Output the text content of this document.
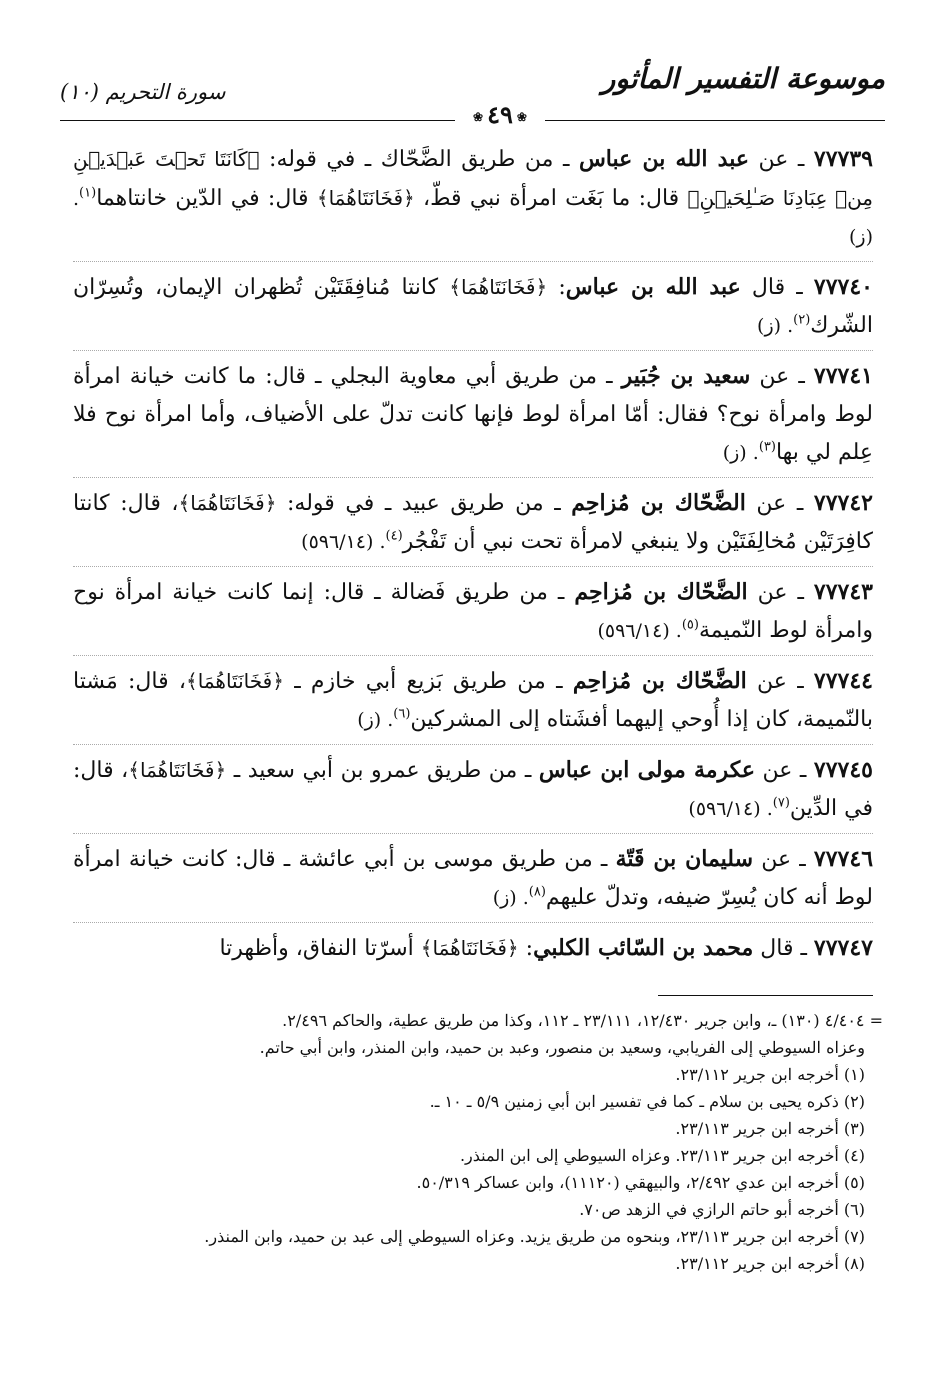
موسوعة التفسير المأثور
سورة التحريم (١٠)
❀٤٩❀

٧٧٧٣٩ ـ عن عبد الله بن عباس ـ من طريق الضَّحّاك ـ في قوله: ﴿كَانَتَا تَحۡتَ عَبۡدَيۡنِ مِنۡ عِبَادِنَا صَـٰلِحَيۡنِ﴾ قال: ما بَغَت امرأة نبي قطّ، ﴿فَخَانَتَاهُمَا﴾ قال: في الدّين خانتاهما$^{(١)}$. (ز)

٧٧٧٤٠ ـ قال عبد الله بن عباس: ﴿فَخَانَتَاهُمَا﴾ كانتا مُنافِقَتَيْن تُظهران الإيمان، وتُسِرّان الشّرك$^{(٢)}$. (ز)

٧٧٧٤١ ـ عن سعيد بن جُبَير ـ من طريق أبي معاوية البجلي ـ قال: ما كانت خيانة امرأة لوط وامرأة نوح؟ فقال: أمّا امرأة لوط فإنها كانت تدلّ على الأضياف، وأما امرأة نوح فلا عِلم لي بها$^{(٣)}$. (ز)

٧٧٧٤٢ ـ عن الضَّحّاك بن مُزاحِم ـ من طريق عبيد ـ في قوله: ﴿فَخَانَتَاهُمَا﴾، قال: كانتا كافِرَتَيْن مُخالِفَتَيْن ولا ينبغي لامرأة تحت نبي أن تَفْجُر$^{(٤)}$. (٥٩٦/١٤)

٧٧٧٤٣ ـ عن الضَّحّاك بن مُزاحِم ـ من طريق فَضالة ـ قال: إنما كانت خيانة امرأة نوح وامرأة لوط النّميمة$^{(٥)}$. (٥٩٦/١٤)

٧٧٧٤٤ ـ عن الضَّحّاك بن مُزاحِم ـ من طريق بَزيع أبي خازم ـ ﴿فَخَانَتَاهُمَا﴾، قال: مَشتا بالنّميمة، كان إذا أُوحي إليهما أفشَتاه إلى المشركين$^{(٦)}$. (ز)

٧٧٧٤٥ ـ عن عكرمة مولى ابن عباس ـ من طريق عمرو بن أبي سعيد ـ ﴿فَخَانَتَاهُمَا﴾، قال: في الدِّين$^{(٧)}$. (٥٩٦/١٤)

٧٧٧٤٦ ـ عن سليمان بن قَتّة ـ من طريق موسى بن أبي عائشة ـ قال: كانت خيانة امرأة لوط أنه كان يُسِرّ ضيفه، وتدلّ عليهم$^{(٨)}$. (ز)

٧٧٧٤٧ ـ قال محمد بن السّائب الكلبي: ﴿فَخَانَتَاهُمَا﴾ أسرّتا النفاق، وأظهرتا

= ٤/٤٠٤ (١٣٠) ـ، وابن جرير ١٢/٤٣٠، ٢٣/١١١ ـ ١١٢، وكذا من طريق عطية، والحاكم ٢/٤٩٦.
وعزاه السيوطي إلى الفريابي، وسعيد بن منصور، وعبد بن حميد، وابن المنذر، وابن أبي حاتم.
(١) أخرجه ابن جرير ٢٣/١١٢.
(٢) ذكره يحيى بن سلام ـ كما في تفسير ابن أبي زمنين ٥/٩ ـ ١٠ ـ.
(٣) أخرجه ابن جرير ٢٣/١١٣.
(٤) أخرجه ابن جرير ٢٣/١١٣. وعزاه السيوطي إلى ابن المنذر.
(٥) أخرجه ابن عدي ٢/٤٩٢، والبيهقي (١١١٢٠)، وابن عساكر ٥٠/٣١٩.
(٦) أخرجه أبو حاتم الرازي في الزهد ص٧٠.
(٧) أخرجه ابن جرير ٢٣/١١٣، وبنحوه من طريق يزيد. وعزاه السيوطي إلى عبد بن حميد، وابن المنذر.
(٨) أخرجه ابن جرير ٢٣/١١٢.
